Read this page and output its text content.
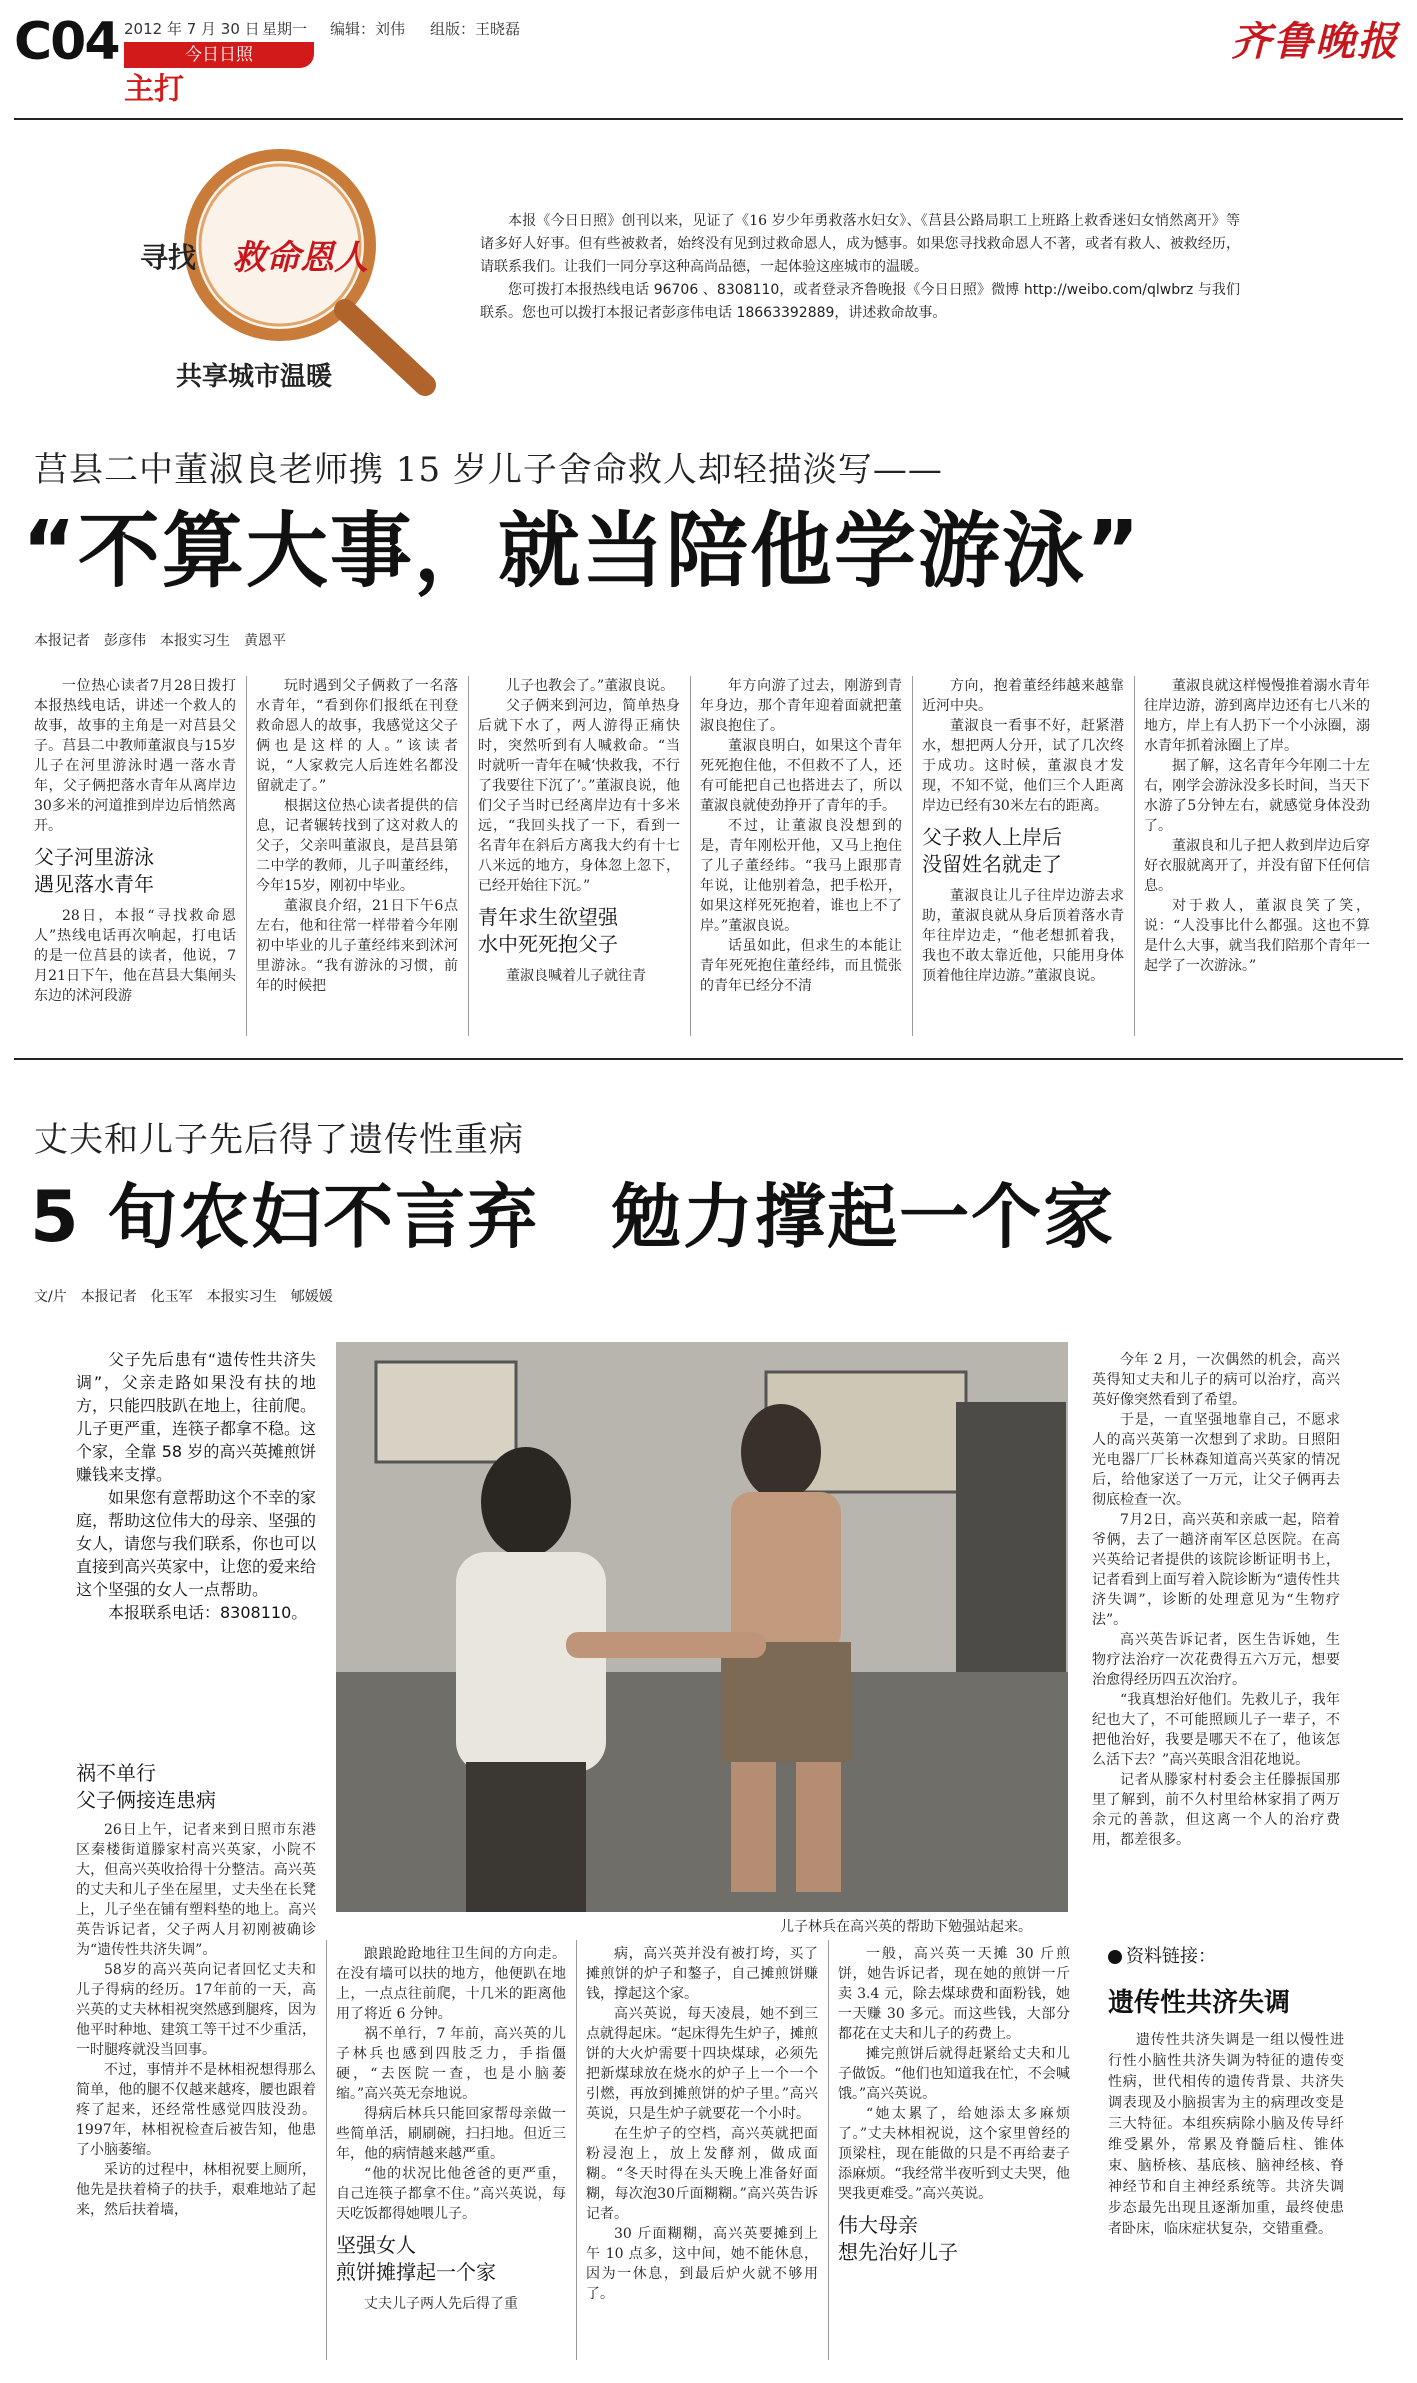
C04 2012 年 7 月 30 日 星期一 编辑：刘伟 组版：王晓磊
今日日照
主打
齐鲁晚报
寻找 救命恩人
共享城市温暖

本报《今日日照》创刊以来，见证了《16 岁少年勇救落水妇女》、《莒县公路局职工上班路上救香迷妇女悄然离开》等诸多好人好事。但有些被救者，始终没有见到过救命恩人，成为憾事。如果您寻找救命恩人不著，或者有救人、被救经历，请联系我们。让我们一同分享这种高尚品德，一起体验这座城市的温暖。

您可拨打本报热线电话 96706 、8308110，或者登录齐鲁晚报《今日日照》微博 http://weibo.com/qlwbrz 与我们联系。您也可以拨打本报记者彭彦伟电话 18663392889，讲述救命故事。

莒县二中董淑良老师携 15 岁儿子舍命救人却轻描淡写——
“不算大事，就当陪他学游泳”
本报记者　彭彦伟　本报实习生　黄恩平

一位热心读者7月28日拨打本报热线电话，讲述一个救人的故事，故事的主角是一对莒县父子。莒县二中教师董淑良与15岁儿子在河里游泳时遇一落水青年，父子俩把落水青年从离岸边30多米的河道推到岸边后悄然离开。

父子河里游泳
遇见落水青年

28日，本报“寻找救命恩人”热线电话再次响起，打电话的是一位莒县的读者，他说，7月21日下午，他在莒县大集闸头东边的沭河段游

玩时遇到父子俩救了一名落水青年，“看到你们报纸在刊登救命恩人的故事，我感觉这父子俩也是这样的人。”该读者说，“人家救完人后连姓名都没留就走了。”

根据这位热心读者提供的信息，记者辗转找到了这对救人的父子，父亲叫董淑良，是莒县第二中学的教师，儿子叫董经纬，今年15岁，刚初中毕业。

董淑良介绍，21日下午6点左右，他和往常一样带着今年刚初中毕业的儿子董经纬来到沭河里游泳。“我有游泳的习惯，前年的时候把

儿子也教会了。”董淑良说。

父子俩来到河边，简单热身后就下水了，两人游得正痛快时，突然听到有人喊救命。“当时就听一青年在喊‘快救我，不行了我要往下沉了’。”董淑良说，他们父子当时已经离岸边有十多米远，“我回头找了一下，看到一名青年在斜后方离我大约有十七八米远的地方，身体忽上忽下，已经开始往下沉。”

青年求生欲望强
水中死死抱父子

董淑良喊着儿子就往青

年方向游了过去，刚游到青年身边，那个青年迎着面就把董淑良抱住了。

董淑良明白，如果这个青年死死抱住他，不但救不了人，还有可能把自己也搭进去了，所以董淑良就使劲挣开了青年的手。

不过，让董淑良没想到的是，青年刚松开他，又马上抱住了儿子董经纬。“我马上跟那青年说，让他别着急，把手松开，如果这样死死抱着，谁也上不了岸。”董淑良说。

话虽如此，但求生的本能让青年死死抱住董经纬，而且慌张的青年已经分不清

方向，抱着董经纬越来越靠近河中央。

董淑良一看事不好，赶紧潜水，想把两人分开，试了几次终于成功。这时候，董淑良才发现，不知不觉，他们三个人距离岸边已经有30米左右的距离。

父子救人上岸后
没留姓名就走了

董淑良让儿子往岸边游去求助，董淑良就从身后顶着落水青年往岸边走，“他老想抓着我，我也不敢太靠近他，只能用身体顶着他往岸边游。”董淑良说。

董淑良就这样慢慢推着溺水青年往岸边游，游到离岸边还有七八米的地方，岸上有人扔下一个小泳圈，溺水青年抓着泳圈上了岸。

据了解，这名青年今年刚二十左右，刚学会游泳没多长时间，当天下水游了5分钟左右，就感觉身体没劲了。

董淑良和儿子把人救到岸边后穿好衣服就离开了，并没有留下任何信息。

对于救人，董淑良笑了笑，说：“人没事比什么都强。这也不算是什么大事，就当我们陪那个青年一起学了一次游泳。”

丈夫和儿子先后得了遗传性重病
5 旬农妇不言弃　勉力撑起一个家
文/片　本报记者　化玉军　本报实习生　郇媛媛

父子先后患有“遗传性共济失调”，父亲走路如果没有扶的地方，只能四肢趴在地上，往前爬。儿子更严重，连筷子都拿不稳。这个家，全靠 58 岁的高兴英摊煎饼赚钱来支撑。

如果您有意帮助这个不幸的家庭，帮助这位伟大的母亲、坚强的女人，请您与我们联系，你也可以直接到高兴英家中，让您的爱来给这个坚强的女人一点帮助。

本报联系电话：8308110。

儿子林兵在高兴英的帮助下勉强站起来。
祸不单行
父子俩接连患病

26日上午，记者来到日照市东港区秦楼街道滕家村高兴英家，小院不大，但高兴英收拾得十分整洁。高兴英的丈夫和儿子坐在屋里，丈夫坐在长凳上，儿子坐在铺有塑料垫的地上。高兴英告诉记者，父子两人月初刚被确诊为“遗传性共济失调”。

58岁的高兴英向记者回忆丈夫和儿子得病的经历。17年前的一天，高兴英的丈夫林相祝突然感到腿疼，因为他平时种地、建筑工等干过不少重活，一时腿疼就没当回事。

不过，事情并不是林相祝想得那么简单，他的腿不仅越来越疼，腰也跟着疼了起来，还经常性感觉四肢没劲。1997年，林相祝检查后被告知，他患了小脑萎缩。

采访的过程中，林相祝要上厕所，他先是扶着椅子的扶手，艰难地站了起来，然后扶着墙，

踉踉跄跄地往卫生间的方向走。在没有墙可以扶的地方，他便趴在地上，一点点往前爬，十几米的距离他用了将近 6 分钟。

祸不单行，7 年前，高兴英的儿子林兵也感到四肢乏力，手指僵硬，“去医院一查，也是小脑萎缩。”高兴英无奈地说。

得病后林兵只能回家帮母亲做一些简单活，刷刷碗，扫扫地。但近三年，他的病情越来越严重。

“他的状况比他爸爸的更严重，自己连筷子都拿不住。”高兴英说，每天吃饭都得她喂儿子。

坚强女人
煎饼摊撑起一个家

丈夫儿子两人先后得了重

病，高兴英并没有被打垮，买了摊煎饼的炉子和鏊子，自己摊煎饼赚钱，撑起这个家。

高兴英说，每天凌晨，她不到三点就得起床。“起床得先生炉子，摊煎饼的大火炉需要十四块煤球，必须先把新煤球放在烧水的炉子上一个一个引燃，再放到摊煎饼的炉子里。”高兴英说，只是生炉子就要花一个小时。

在生炉子的空档，高兴英就把面粉浸泡上，放上发酵剂，做成面糊。“冬天时得在头天晚上准备好面糊，每次泡30斤面糊糊。”高兴英告诉记者。

30 斤面糊糊，高兴英要摊到上午 10 点多，这中间，她不能休息，因为一休息，到最后炉火就不够用了。

一般，高兴英一天摊 30 斤煎饼，她告诉记者，现在她的煎饼一斤卖 3.4 元，除去煤球费和面粉钱，她一天赚 30 多元。而这些钱，大部分都花在丈夫和儿子的药费上。

摊完煎饼后就得赶紧给丈夫和儿子做饭。“他们也知道我在忙，不会喊饿。”高兴英说。

“她太累了，给她添太多麻烦了。”丈夫林相祝说，这个家里曾经的顶梁柱，现在能做的只是不再给妻子添麻烦。“我经常半夜听到丈夫哭，他哭我更难受。”高兴英说。

伟大母亲
想先治好儿子

今年 2 月，一次偶然的机会，高兴英得知丈夫和儿子的病可以治疗，高兴英好像突然看到了希望。

于是，一直坚强地靠自己，不愿求人的高兴英第一次想到了求助。日照阳光电器厂厂长林森知道高兴英家的情况后，给他家送了一万元，让父子俩再去彻底检查一次。

7月2日，高兴英和亲戚一起，陪着爷俩，去了一趟济南军区总医院。在高兴英给记者提供的该院诊断证明书上，记者看到上面写着入院诊断为“遗传性共济失调”，诊断的处理意见为“生物疗法”。

高兴英告诉记者，医生告诉她，生物疗法治疗一次花费得五六万元，想要治愈得经历四五次治疗。

“我真想治好他们。先救儿子，我年纪也大了，不可能照顾儿子一辈子，不把他治好，我要是哪天不在了，他该怎么活下去？”高兴英眼含泪花地说。

记者从滕家村村委会主任滕振国那里了解到，前不久村里给林家捐了两万余元的善款，但这离一个人的治疗费用，都差很多。

资料链接：
遗传性共济失调

遗传性共济失调是一组以慢性进行性小脑性共济失调为特征的遗传变性病，世代相传的遗传背景、共济失调表现及小脑损害为主的病理改变是三大特征。本组疾病除小脑及传导纤维受累外，常累及脊髓后柱、锥体束、脑桥核、基底核、脑神经核、脊神经节和自主神经系统等。共济失调步态最先出现且逐渐加重，最终使患者卧床，临床症状复杂，交错重叠。
